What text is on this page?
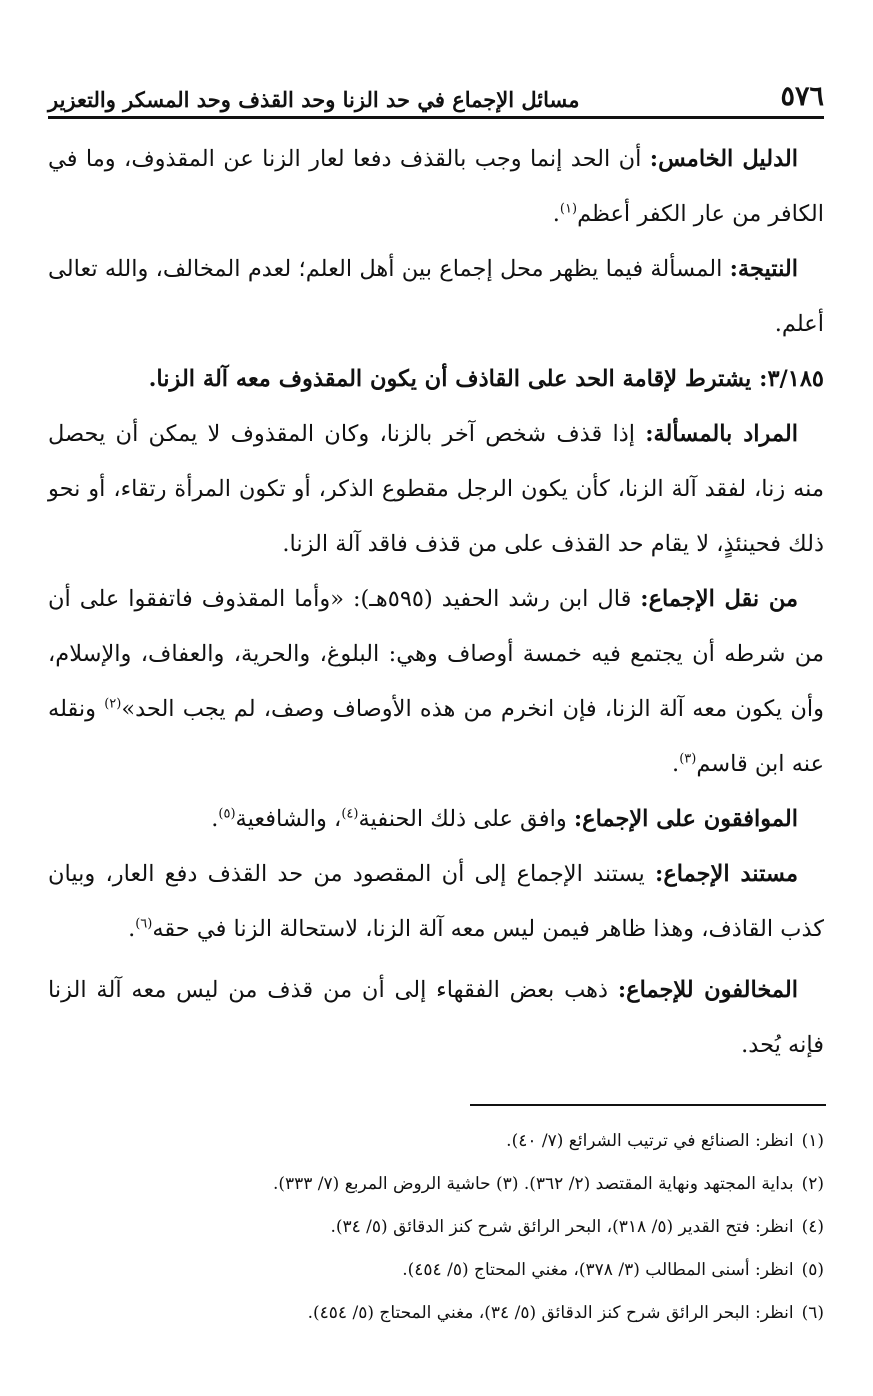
٥٧٦
مسائل الإجماع في حد الزنا وحد القذف وحد المسكر والتعزير

الدليل الخامس: أن الحد إنما وجب بالقذف دفعا لعار الزنا عن المقذوف، وما في الكافر من عار الكفر أعظم$^{(١)}$.

النتيجة: المسألة فيما يظهر محل إجماع بين أهل العلم؛ لعدم المخالف، والله تعالى أعلم.

٣/١٨٥: يشترط لإقامة الحد على القاذف أن يكون المقذوف معه آلة الزنا.

المراد بالمسألة: إذا قذف شخص آخر بالزنا، وكان المقذوف لا يمكن أن يحصل منه زنا، لفقد آلة الزنا، كأن يكون الرجل مقطوع الذكر، أو تكون المرأة رتقاء، أو نحو ذلك فحينئذٍ، لا يقام حد القذف على من قذف فاقد آلة الزنا.

من نقل الإجماع: قال ابن رشد الحفيد (٥٩٥هـ): «وأما المقذوف فاتفقوا على أن من شرطه أن يجتمع فيه خمسة أوصاف وهي: البلوغ، والحرية، والعفاف، والإسلام، وأن يكون معه آلة الزنا، فإن انخرم من هذه الأوصاف وصف، لم يجب الحد»$^{(٢)}$ ونقله عنه ابن قاسم$^{(٣)}$.

الموافقون على الإجماع: وافق على ذلك الحنفية$^{(٤)}$، والشافعية$^{(٥)}$.

مستند الإجماع: يستند الإجماع إلى أن المقصود من حد القذف دفع العار، وبيان كذب القاذف، وهذا ظاهر فيمن ليس معه آلة الزنا، لاستحالة الزنا في حقه$^{(٦)}$.

المخالفون للإجماع: ذهب بعض الفقهاء إلى أن من قذف من ليس معه آلة الزنا فإنه يُحد.

(١)انظر: الصنائع في ترتيب الشرائع (٧/ ٤٠).

(٢)بداية المجتهد ونهاية المقتصد (٢/ ٣٦٢). (٣) حاشية الروض المربع (٧/ ٣٣٣).

(٤)انظر: فتح القدير (٥/ ٣١٨)، البحر الرائق شرح كنز الدقائق (٥/ ٣٤).

(٥)انظر: أسنى المطالب (٣/ ٣٧٨)، مغني المحتاج (٥/ ٤٥٤).

(٦)انظر: البحر الرائق شرح كنز الدقائق (٥/ ٣٤)، مغني المحتاج (٥/ ٤٥٤).
